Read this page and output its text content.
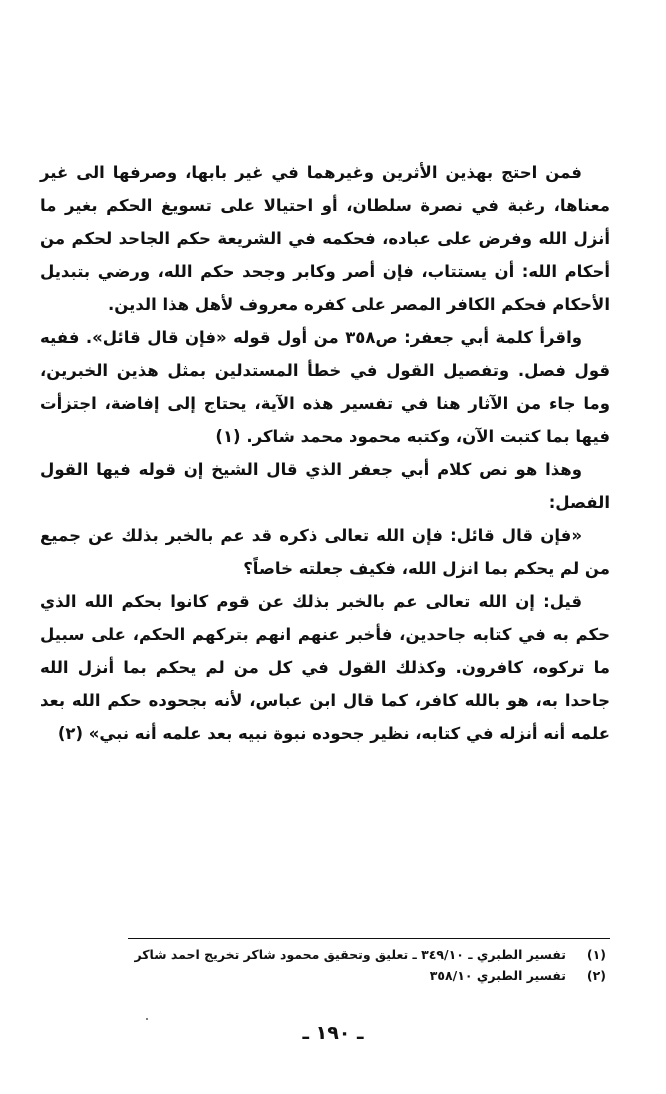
فمن احتج بهذين الأثرين وغيرهما في غير بابها، وصرفها الى غير معناها، رغبة في نصرة سلطان، أو احتيالا على تسويغ الحكم بغير ما أنزل الله وفرض على عباده، فحكمه في الشريعة حكم الجاحد لحكم من أحكام الله: أن يستتاب، فإن أصر وكابر وجحد حكم الله، ورضي بتبديل الأحكام فحكم الكافر المصر على كفره معروف لأهل هذا الدين.

واقرأ كلمة أبي جعفر: ص٣٥٨ من أول قوله «فإن قال قائل». ففيه قول فصل. وتفصيل القول في خطأ المستدلين بمثل هذين الخبرين، وما جاء من الآثار هنا في تفسير هذه الآية، يحتاج إلى إفاضة، اجتزأت فيها بما كتبت الآن، وكتبه محمود محمد شاكر. (١)

وهذا هو نص كلام أبي جعفر الذي قال الشيخ إن قوله فيها القول الفصل:

«فإن قال قائل: فإن الله تعالى ذكره قد عم بالخبر بذلك عن جميع من لم يحكم بما انزل الله، فكيف جعلته خاصاً؟

قيل: إن الله تعالى عم بالخبر بذلك عن قوم كانوا بحكم الله الذي حكم به في كتابه جاحدين، فأخبر عنهم انهم بتركهم الحكم، على سبيل ما تركوه، كافرون. وكذلك القول في كل من لم يحكم بما أنزل الله جاحدا به، هو بالله كافر، كما قال ابن عباس، لأنه بجحوده حكم الله بعد علمه أنه أنزله في كتابه، نظير جحوده نبوة نبيه بعد علمه أنه نبي» (٢)

(١)
تفسير الطبري ـ ٣٤٩/١٠ ـ تعليق وتحقيق محمود شاكر تخريج احمد شاكر
(٢)
تفسير الطبري ٣٥٨/١٠
ـ ١٩٠ ـ
